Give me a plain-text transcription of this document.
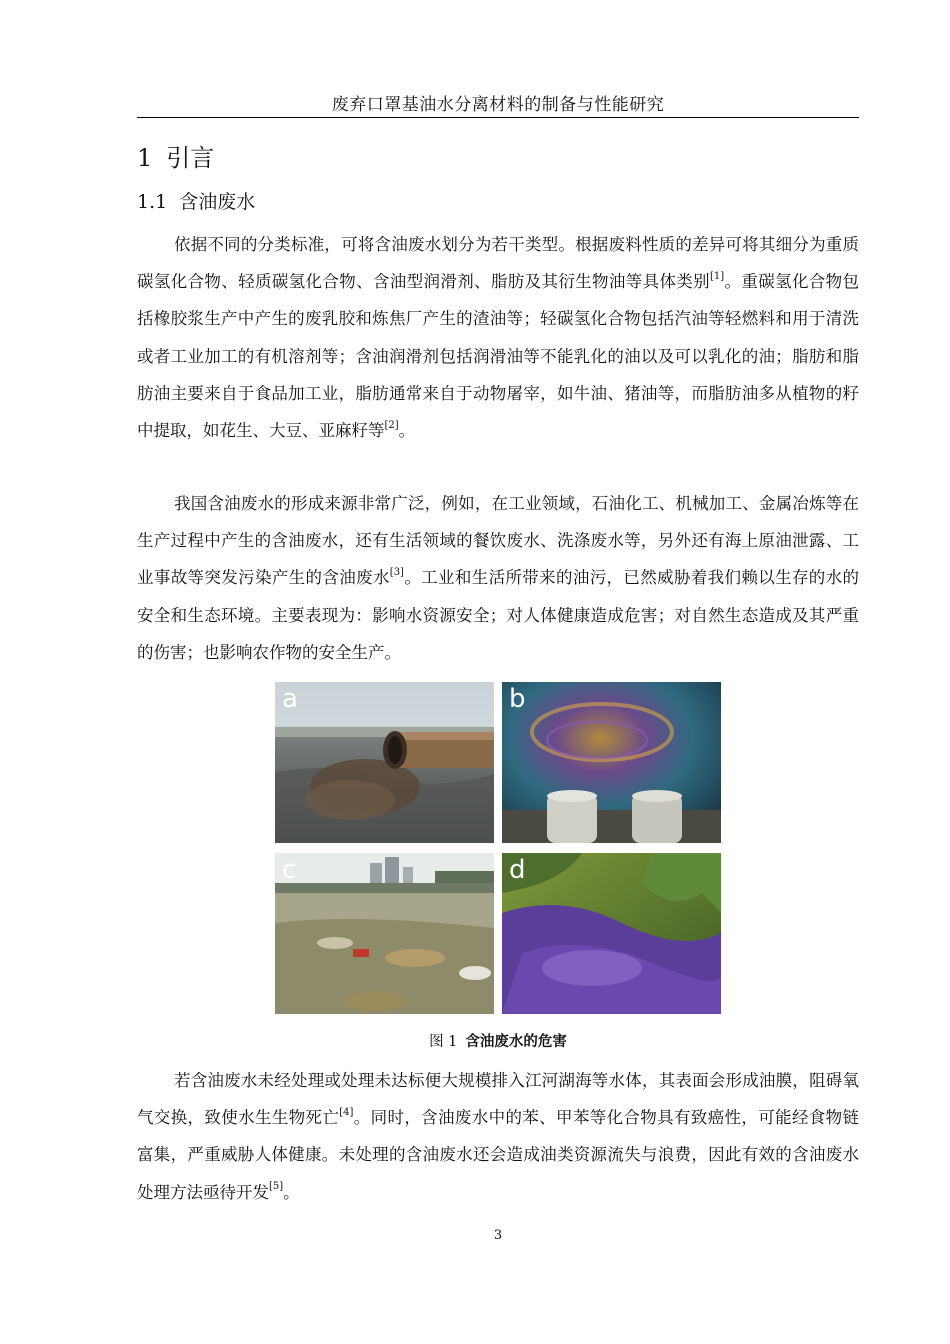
废弃口罩基油水分离材料的制备与性能研究
1 引言
1.1 含油废水

依据不同的分类标准，可将含油废水划分为若干类型。根据废料性质的差异可将其细分为重质碳氢化合物、轻质碳氢化合物、含油型润滑剂、脂肪及其衍生物油等具体类别[1]。重碳氢化合物包括橡胶浆生产中产生的废乳胶和炼焦厂产生的渣油等；轻碳氢化合物包括汽油等轻燃料和用于清洗或者工业加工的有机溶剂等；含油润滑剂包括润滑油等不能乳化的油以及可以乳化的油；脂肪和脂肪油主要来自于食品加工业，脂肪通常来自于动物屠宰，如牛油、猪油等，而脂肪油多从植物的籽中提取，如花生、大豆、亚麻籽等[2]。

我国含油废水的形成来源非常广泛，例如，在工业领域，石油化工、机械加工、金属冶炼等在生产过程中产生的含油废水，还有生活领域的餐饮废水、洗涤废水等，另外还有海上原油泄露、工业事故等突发污染产生的含油废水[3]。工业和生活所带来的油污，已然威胁着我们赖以生存的水的安全和生态环境。主要表现为：影响水资源安全；对人体健康造成危害；对自然生态造成及其严重的伤害；也影响农作物的安全生产。

a	b
c	d
图 1 含油废水的危害

若含油废水未经处理或处理未达标便大规模排入江河湖海等水体，其表面会形成油膜，阻碍氧气交换，致使水生生物死亡[4]。同时，含油废水中的苯、甲苯等化合物具有致癌性，可能经食物链富集，严重威胁人体健康。未处理的含油废水还会造成油类资源流失与浪费，因此有效的含油废水处理方法亟待开发[5]。

3
